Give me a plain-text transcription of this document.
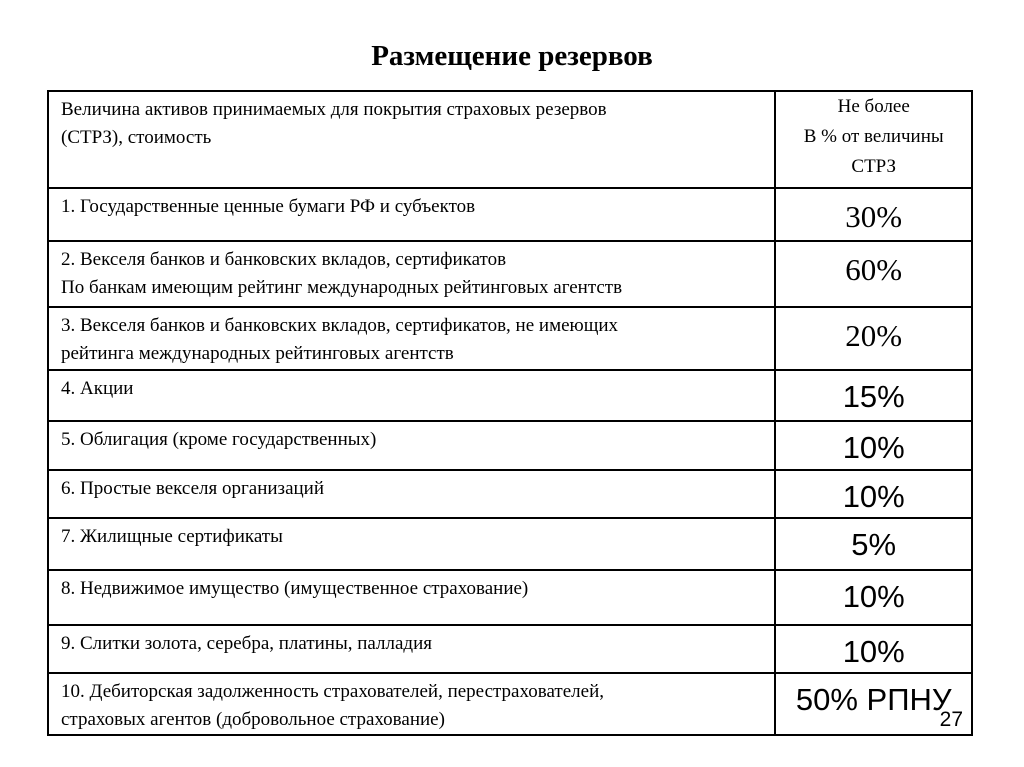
Размещение резервов
Величина активов принимаемых для покрытия страховых резервов
(СТРЗ), стоимость	Не более
В % от величины
СТРЗ

1. Государственные ценные бумаги РФ и субъектов	30%

2. Векселя банков и банковских вкладов, сертификатов
По банкам имеющим рейтинг международных рейтинговых агентств	60%

3. Векселя банков и банковских вкладов, сертификатов, не имеющих
рейтинга международных рейтинговых агентств	20%

4. Акции	15%

5. Облигация (кроме государственных)	10%

6. Простые векселя организаций	10%

7. Жилищные сертификаты	5%

8. Недвижимое имущество (имущественное страхование)	10%

9. Слитки золота, серебра, платины, палладия	10%

10. Дебиторская задолженность страхователей, перестрахователей,
страховых агентов (добровольное страхование)	50% РПНУ
27
